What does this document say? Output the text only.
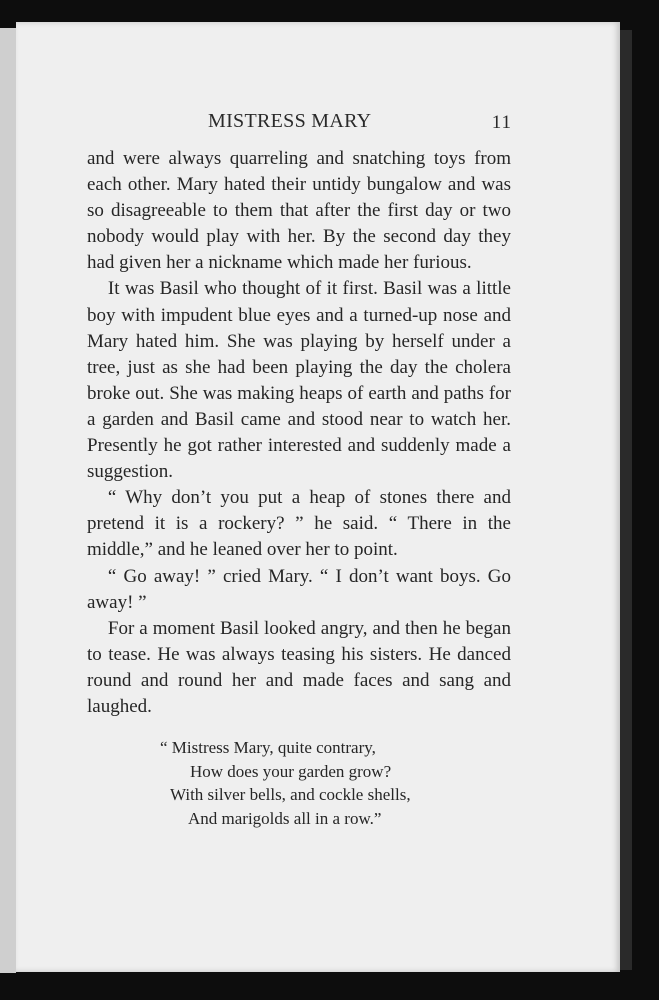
MISTRESS MARY	11

and were always quarreling and snatching toys from each other. Mary hated their untidy bungalow and was so disagreeable to them that after the first day or two nobody would play with her. By the second day they had given her a nickname which made her furious.

It was Basil who thought of it first. Basil was a little boy with impudent blue eyes and a turned-up nose and Mary hated him. She was playing by herself under a tree, just as she had been playing the day the cholera broke out. She was making heaps of earth and paths for a garden and Basil came and stood near to watch her. Presently he got rather interested and suddenly made a suggestion.

“ Why don’t you put a heap of stones there and pretend it is a rockery? ” he said. “ There in the middle,” and he leaned over her to point.

“ Go away! ” cried Mary. “ I don’t want boys. Go away! ”

For a moment Basil looked angry, and then he began to tease. He was always teasing his sisters. He danced round and round her and made faces and sang and laughed.

“ Mistress Mary, quite contrary,
How does your garden grow?
With silver bells, and cockle shells,
And marigolds all in a row.”
